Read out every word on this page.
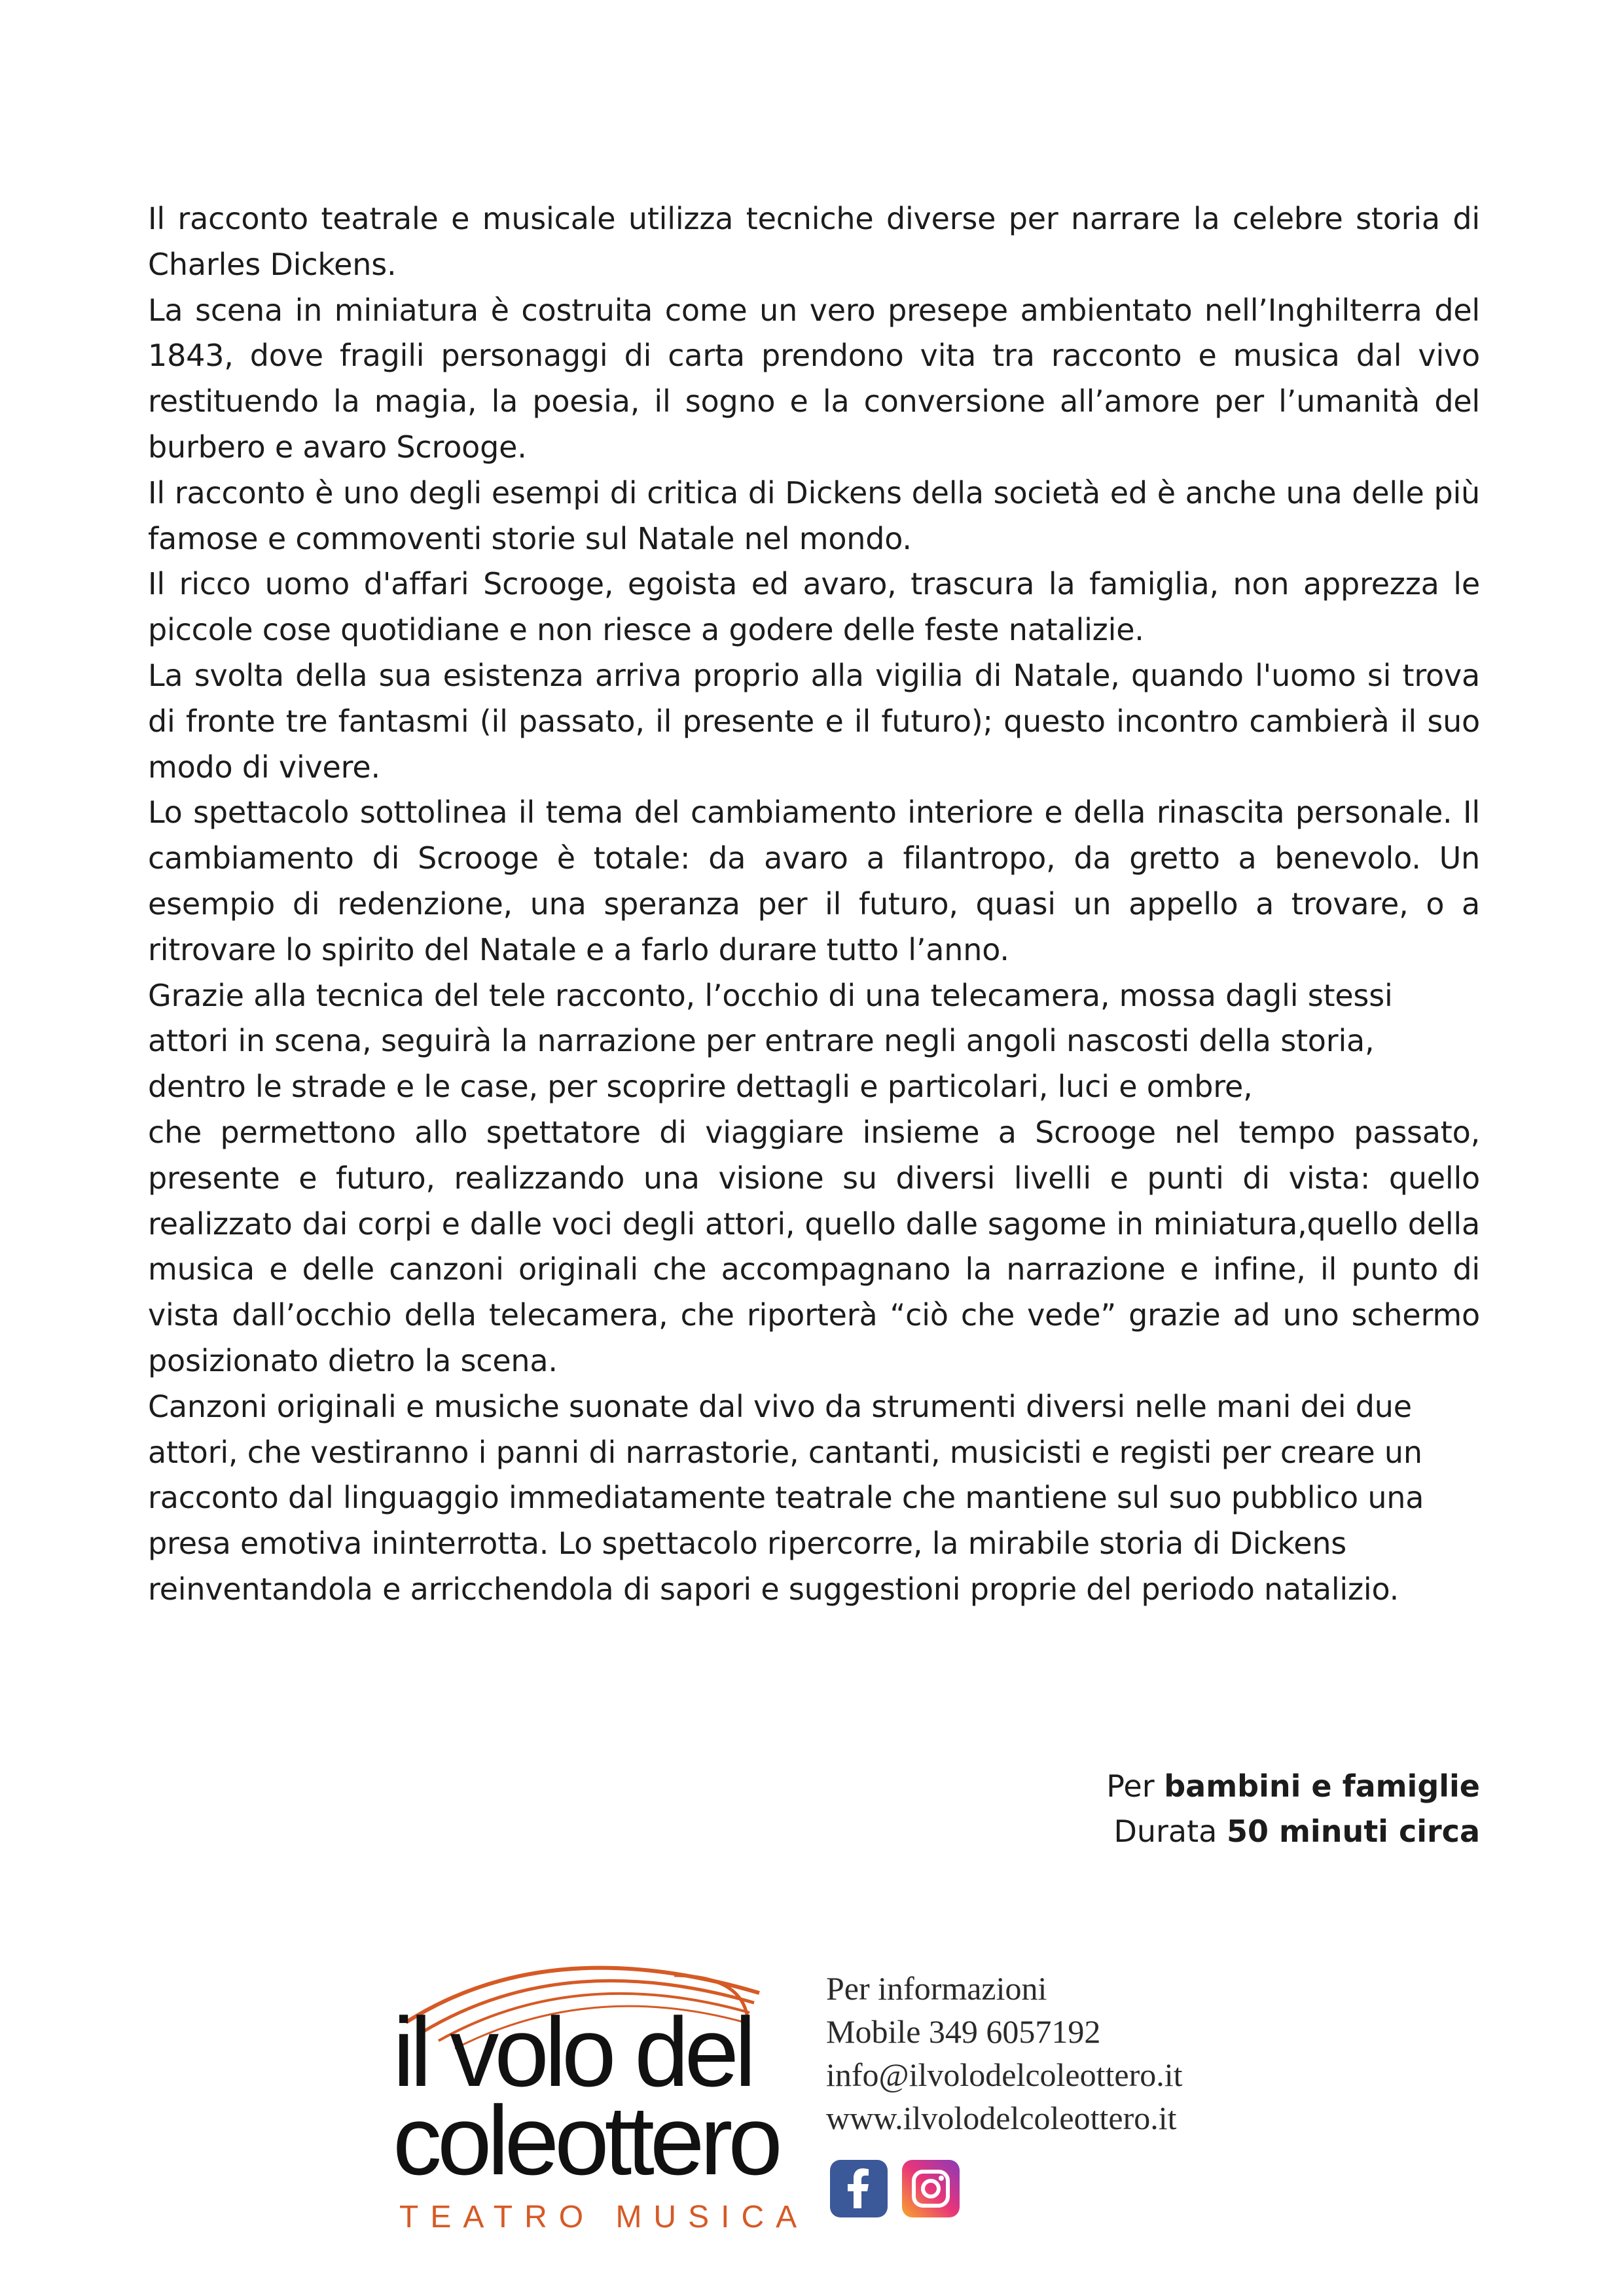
Il racconto teatrale e musicale utilizza tecniche diverse per narrare la celebre storia di Charles Dickens.

La scena in miniatura è costruita come un vero presepe ambientato nell’Inghilterra del 1843, dove fragili personaggi di carta prendono vita tra racconto e musica dal vivo restituendo la magia, la poesia, il sogno e la conversione all’amore per l’umanità del burbero e avaro Scrooge.

Il racconto è uno degli esempi di critica di Dickens della società ed è anche una delle più famose e commoventi storie sul Natale nel mondo.

Il ricco uomo d'affari Scrooge, egoista ed avaro, trascura la famiglia, non apprezza le piccole cose quotidiane e non riesce a godere delle feste natalizie.

La svolta della sua esistenza arriva proprio alla vigilia di Natale, quando l'uomo si trova di fronte tre fantasmi (il passato, il presente e il futuro); questo incontro cambierà il suo modo di vivere.

Lo spettacolo sottolinea il tema del cambiamento interiore e della rinascita personale. Il cambiamento di Scrooge è totale: da avaro a filantropo, da gretto a benevolo. Un esempio di redenzione, una speranza per il futuro, quasi un appello a trovare, o a ritrovare lo spirito del Natale e a farlo durare tutto l’anno.

Grazie alla tecnica del tele racconto, l’occhio di una telecamera, mossa dagli stessi attori in scena, seguirà la narrazione per entrare negli angoli nascosti della storia, dentro le strade e le case, per scoprire dettagli e particolari, luci e ombre,

che permettono allo spettatore di viaggiare insieme a Scrooge nel tempo passato, presente e futuro, realizzando una visione su diversi livelli e punti di vista: quello realizzato dai corpi e dalle voci degli attori, quello dalle sagome in miniatura,quello della musica e delle canzoni originali che accompagnano la narrazione e infine, il punto di vista dall’occhio della telecamera, che riporterà “ciò che vede” grazie ad uno schermo posizionato dietro la scena.

Canzoni originali e musiche suonate dal vivo da strumenti diversi nelle mani dei due attori, che vestiranno i panni di narrastorie, cantanti, musicisti e registi per creare un racconto dal linguaggio immediatamente teatrale che mantiene sul suo pubblico una presa emotiva ininterrotta. Lo spettacolo ripercorre, la mirabile storia di Dickens reinventandola e arricchendola di sapori e suggestioni proprie del periodo natalizio.

Per bambini e famiglie
Durata 50 minuti circa
il volo del
coleottero
TEATRO MUSICA
Per informazioni
Mobile 349 6057192
info@ilvolodelcoleottero.it
www.ilvolodelcoleottero.it
